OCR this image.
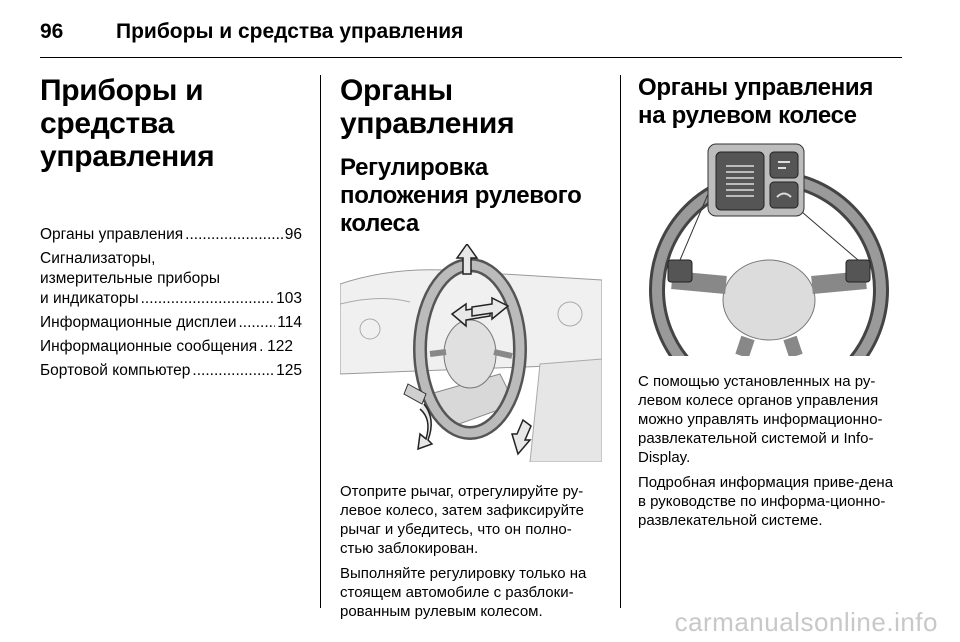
96	Приборы и средства управления
Приборы и средства управления
Органы управления .....	96
Сигнализаторы,
измерительные приборы
и индикаторы .....	103
Информационные дисплеи .....	114
Информационные сообщения ..... 122
Бортовой компьютер .....	125
Органы управления
Регулировка положения рулевого колеса

Отоприте рычаг, отрегулируйте ру-левое колесо, затем зафиксируйте рычаг и убедитесь, что он полно-стью заблокирован.

Выполняйте регулировку только на стоящем автомобиле с разблоки-рованным рулевым колесом.

Органы управления на рулевом колесе

С помощью установленных на ру-левом колесе органов управления можно управлять информационно-развлекательной системой и Info-Display.

Подробная информация приве-дена в руководстве по информа-ционно-развлекательной системе.

carmanualsonline.info
